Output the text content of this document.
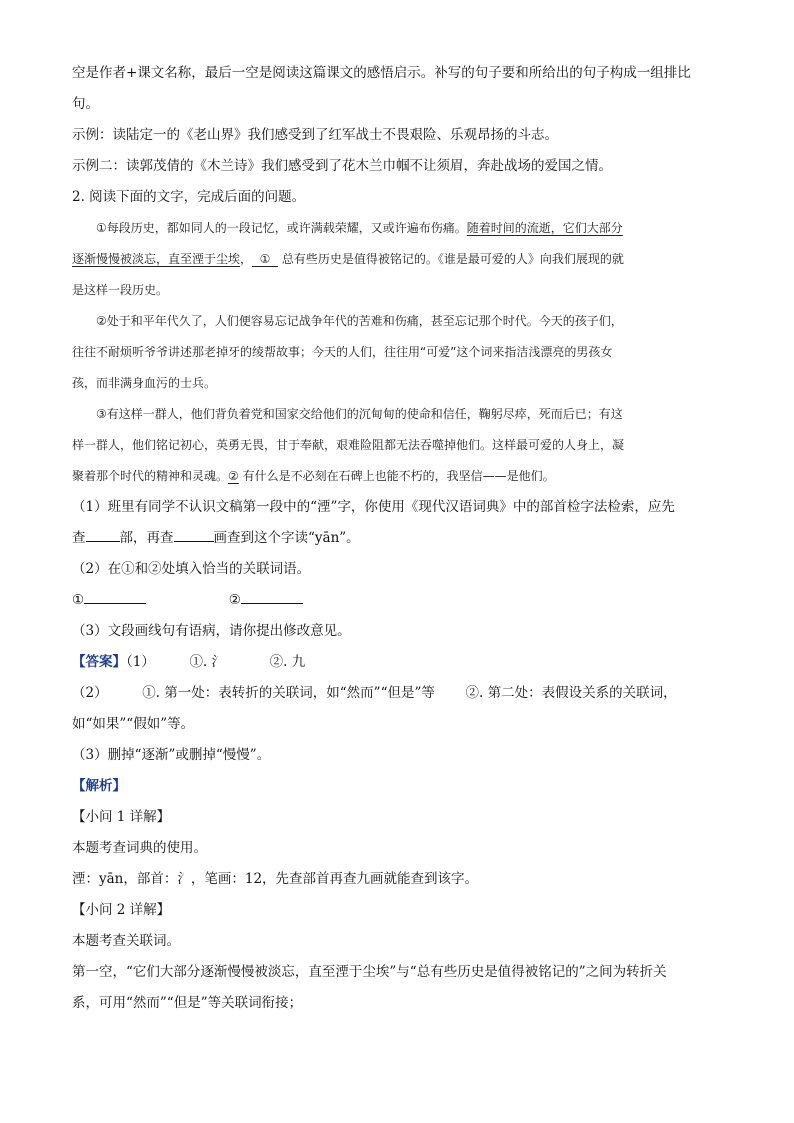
空是作者+课文名称，最后一空是阅读这篇课文的感悟启示。补写的句子要和所给出的句子构成一组排比
句。
示例：读陆定一的《老山界》我们感受到了红军战士不畏艰险、乐观昂扬的斗志。
示例二：读郭茂倩的《木兰诗》我们感受到了花木兰巾帼不让须眉，奔赴战场的爱国之情。
2. 阅读下面的文字，完成后面的问题。
①每段历史，都如同人的一段记忆，或许满载荣耀，又或许遍布伤痛。随着时间的流逝，它们大部分
逐渐慢慢被淡忘，直至湮于尘埃， ① 总有些历史是值得被铭记的。《谁是最可爱的人》向我们展现的就
是这样一段历史。
②处于和平年代久了，人们便容易忘记战争年代的苦难和伤痛，甚至忘记那个时代。今天的孩子们，
往往不耐烦听爷爷讲述那老掉牙的绫帮故事；今天的人们，往往用“可爱”这个词来指洁浅漂亮的男孩女
孩，而非满身血污的士兵。
③有这样一群人，他们背负着党和国家交给他们的沉甸甸的使命和信任，鞠躬尽瘁，死而后已；有这
样一群人，他们铭记初心，英勇无畏，甘于奉献，艰难险阻都无法吞噬掉他们。这样最可爱的人身上，凝
聚着那个时代的精神和灵魂。② 有什么是不必刻在石碑上也能不朽的，我坚信——是他们。
（1）班里有同学不认识文稿第一段中的“湮”字，你使用《现代汉语词典》中的部首检字法检索，应先
查	部，再查	画查到这个字读“yān”。
（2）在①和②处填入恰当的关联词语。
①	②
（3）文段画线句有语病，请你提出修改意见。
【答案】（1）	①. 氵	②. 九
（2）	①. 第一处：表转折的关联词，如“然而”“但是”等 ②. 第二处：表假设关系的关联词，
如“如果”“假如”等。
（3）删掉“逐渐”或删掉“慢慢”。
【解析】
【小问 1 详解】
本题考查词典的使用。
湮：yān，部首：氵，笔画：12，先查部首再查九画就能查到该字。
【小问 2 详解】
本题考查关联词。
第一空，“它们大部分逐渐慢慢被淡忘，直至湮于尘埃”与“总有些历史是值得被铭记的”之间为转折关
系，可用“然而”“但是”等关联词衔接；
